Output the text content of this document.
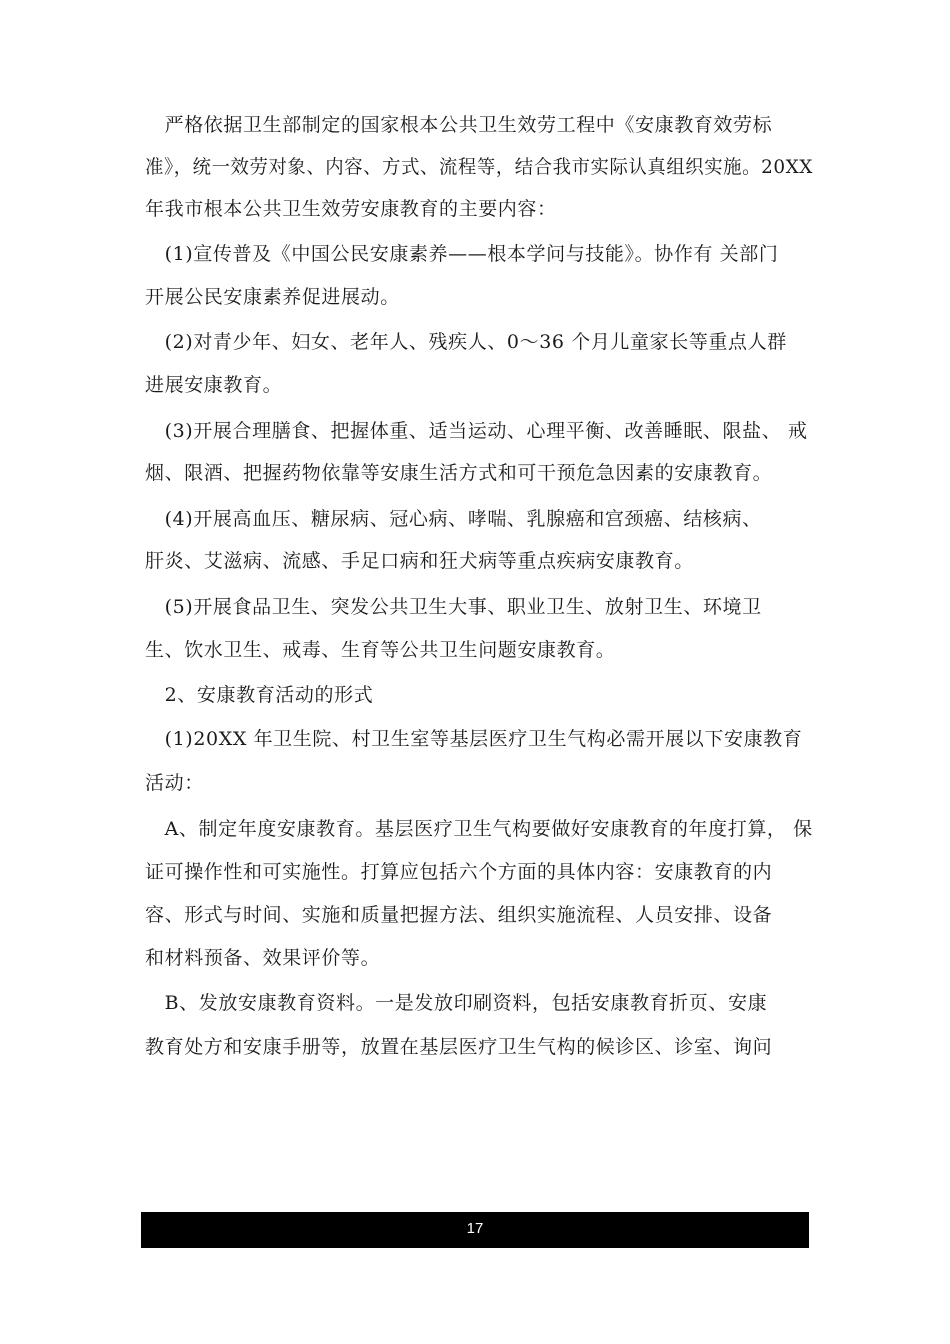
　严格依据卫生部制定的国家根本公共卫生效劳工程中《安康教育效劳标
准》，统一效劳对象、内容、方式、流程等，结合我市实际认真组织实施。20XX
年我市根本公共卫生效劳安康教育的主要内容：
　(1)宣传普及《中国公民安康素养——根本学问与技能》。协作有 关部门
开展公民安康素养促进展动。
　(2)对青少年、妇女、老年人、残疾人、0～36 个月儿童家长等重点人群
进展安康教育。
　(3)开展合理膳食、把握体重、适当运动、心理平衡、改善睡眠、限盐、 戒
烟、限酒、把握药物依靠等安康生活方式和可干预危急因素的安康教育。
　(4)开展高血压、糖尿病、冠心病、哮喘、乳腺癌和宫颈癌、结核病、
肝炎、艾滋病、流感、手足口病和狂犬病等重点疾病安康教育。
　(5)开展食品卫生、突发公共卫生大事、职业卫生、放射卫生、环境卫
生、饮水卫生、戒毒、生育等公共卫生问题安康教育。
　2、安康教育活动的形式
　(1)20XX 年卫生院、村卫生室等基层医疗卫生气构必需开展以下安康教育
活动：
　A、制定年度安康教育。基层医疗卫生气构要做好安康教育的年度打算， 保
证可操作性和可实施性。打算应包括六个方面的具体内容：安康教育的内
容、形式与时间、实施和质量把握方法、组织实施流程、人员安排、设备
和材料预备、效果评价等。
　B、发放安康教育资料。一是发放印刷资料，包括安康教育折页、安康
教育处方和安康手册等，放置在基层医疗卫生气构的候诊区、诊室、询问
17
